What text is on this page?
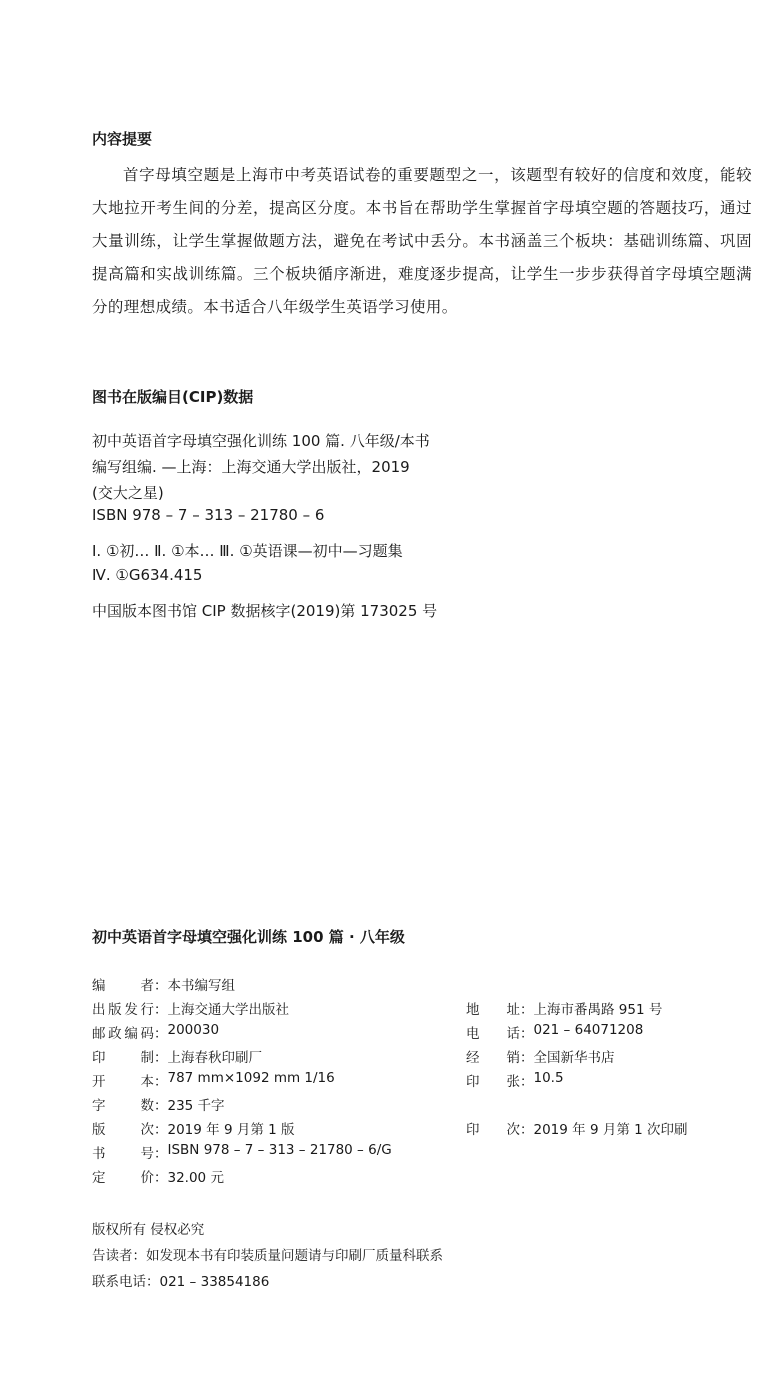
内容提要

首字母填空题是上海市中考英语试卷的重要题型之一，该题型有较好的信度和效度，能较大地拉开考生间的分差，提高区分度。本书旨在帮助学生掌握首字母填空题的答题技巧，通过大量训练，让学生掌握做题方法，避免在考试中丢分。本书涵盖三个板块：基础训练篇、巩固提高篇和实战训练篇。三个板块循序渐进，难度逐步提高，让学生一步步获得首字母填空题满分的理想成绩。本书适合八年级学生英语学习使用。

图书在版编目(CIP)数据
初中英语首字母填空强化训练 100 篇. 八年级/本书
编写组编. —上海：上海交通大学出版社，2019
(交大之星)
ISBN 978 – 7 – 313 – 21780 – 6
Ⅰ. ①初… Ⅱ. ①本… Ⅲ. ①英语课—初中—习题集
Ⅳ. ①G634.415
中国版本图书馆 CIP 数据核字(2019)第 173025 号
初中英语首字母填空强化训练 100 篇 · 八年级
编者 ： 本书编写组
出版发行 ： 上海交通大学出版社	地址 ： 上海市番禺路 951 号
邮政编码 ： 200030	电话 ： 021 – 64071208
印制 ： 上海春秋印刷厂	经销 ： 全国新华书店
开本 ： 787 mm×1092 mm 1/16	印张 ： 10.5
字数 ： 235 千字
版次 ： 2019 年 9 月第 1 版	印次 ： 2019 年 9 月第 1 次印刷
书号 ： ISBN 978 – 7 – 313 – 21780 – 6/G
定价 ： 32.00 元
版权所有 侵权必究
告读者：如发现本书有印装质量问题请与印刷厂质量科联系
联系电话：021 – 33854186
